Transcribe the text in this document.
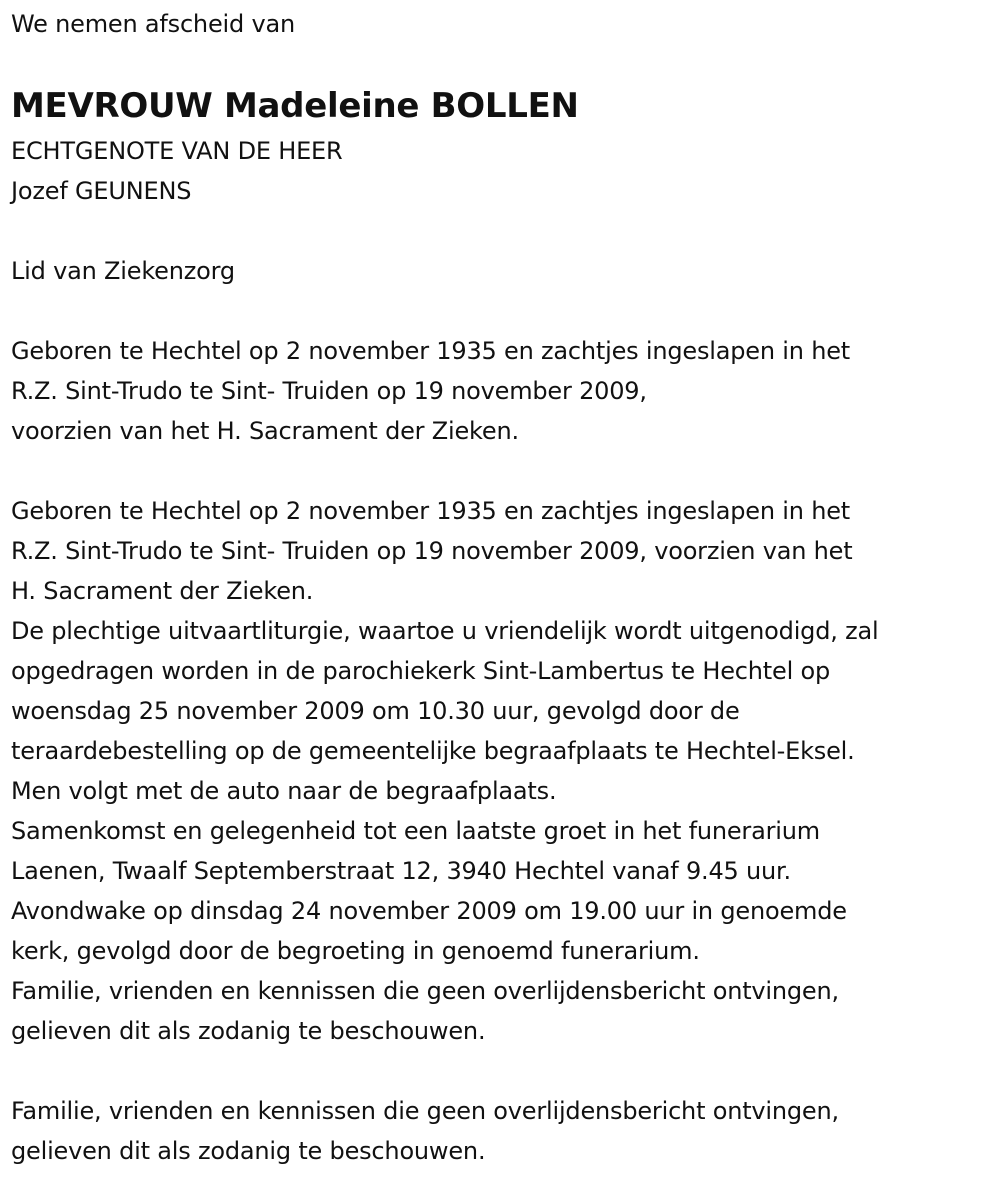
We nemen afscheid van
MEVROUW Madeleine BOLLEN
ECHTGENOTE VAN DE HEER
Jozef GEUNENS
Lid van Ziekenzorg
Geboren te Hechtel op 2 november 1935 en zachtjes ingeslapen in het
R.Z. Sint-Trudo te Sint- Truiden op 19 november 2009,
voorzien van het H. Sacrament der Zieken.
Geboren te Hechtel op 2 november 1935 en zachtjes ingeslapen in het
R.Z. Sint-Trudo te Sint- Truiden op 19 november 2009, voorzien van het
H. Sacrament der Zieken.
De plechtige uitvaartliturgie, waartoe u vriendelijk wordt uitgenodigd, zal
opgedragen worden in de parochiekerk Sint-Lambertus te Hechtel op
woensdag 25 november 2009 om 10.30 uur, gevolgd door de
teraardebestelling op de gemeentelijke begraafplaats te Hechtel-Eksel.
Men volgt met de auto naar de begraafplaats.
Samenkomst en gelegenheid tot een laatste groet in het funerarium
Laenen, Twaalf Septemberstraat 12, 3940 Hechtel vanaf 9.45 uur.
Avondwake op dinsdag 24 november 2009 om 19.00 uur in genoemde
kerk, gevolgd door de begroeting in genoemd funerarium.
Familie, vrienden en kennissen die geen overlijdensbericht ontvingen,
gelieven dit als zodanig te beschouwen.
Familie, vrienden en kennissen die geen overlijdensbericht ontvingen,
gelieven dit als zodanig te beschouwen.
